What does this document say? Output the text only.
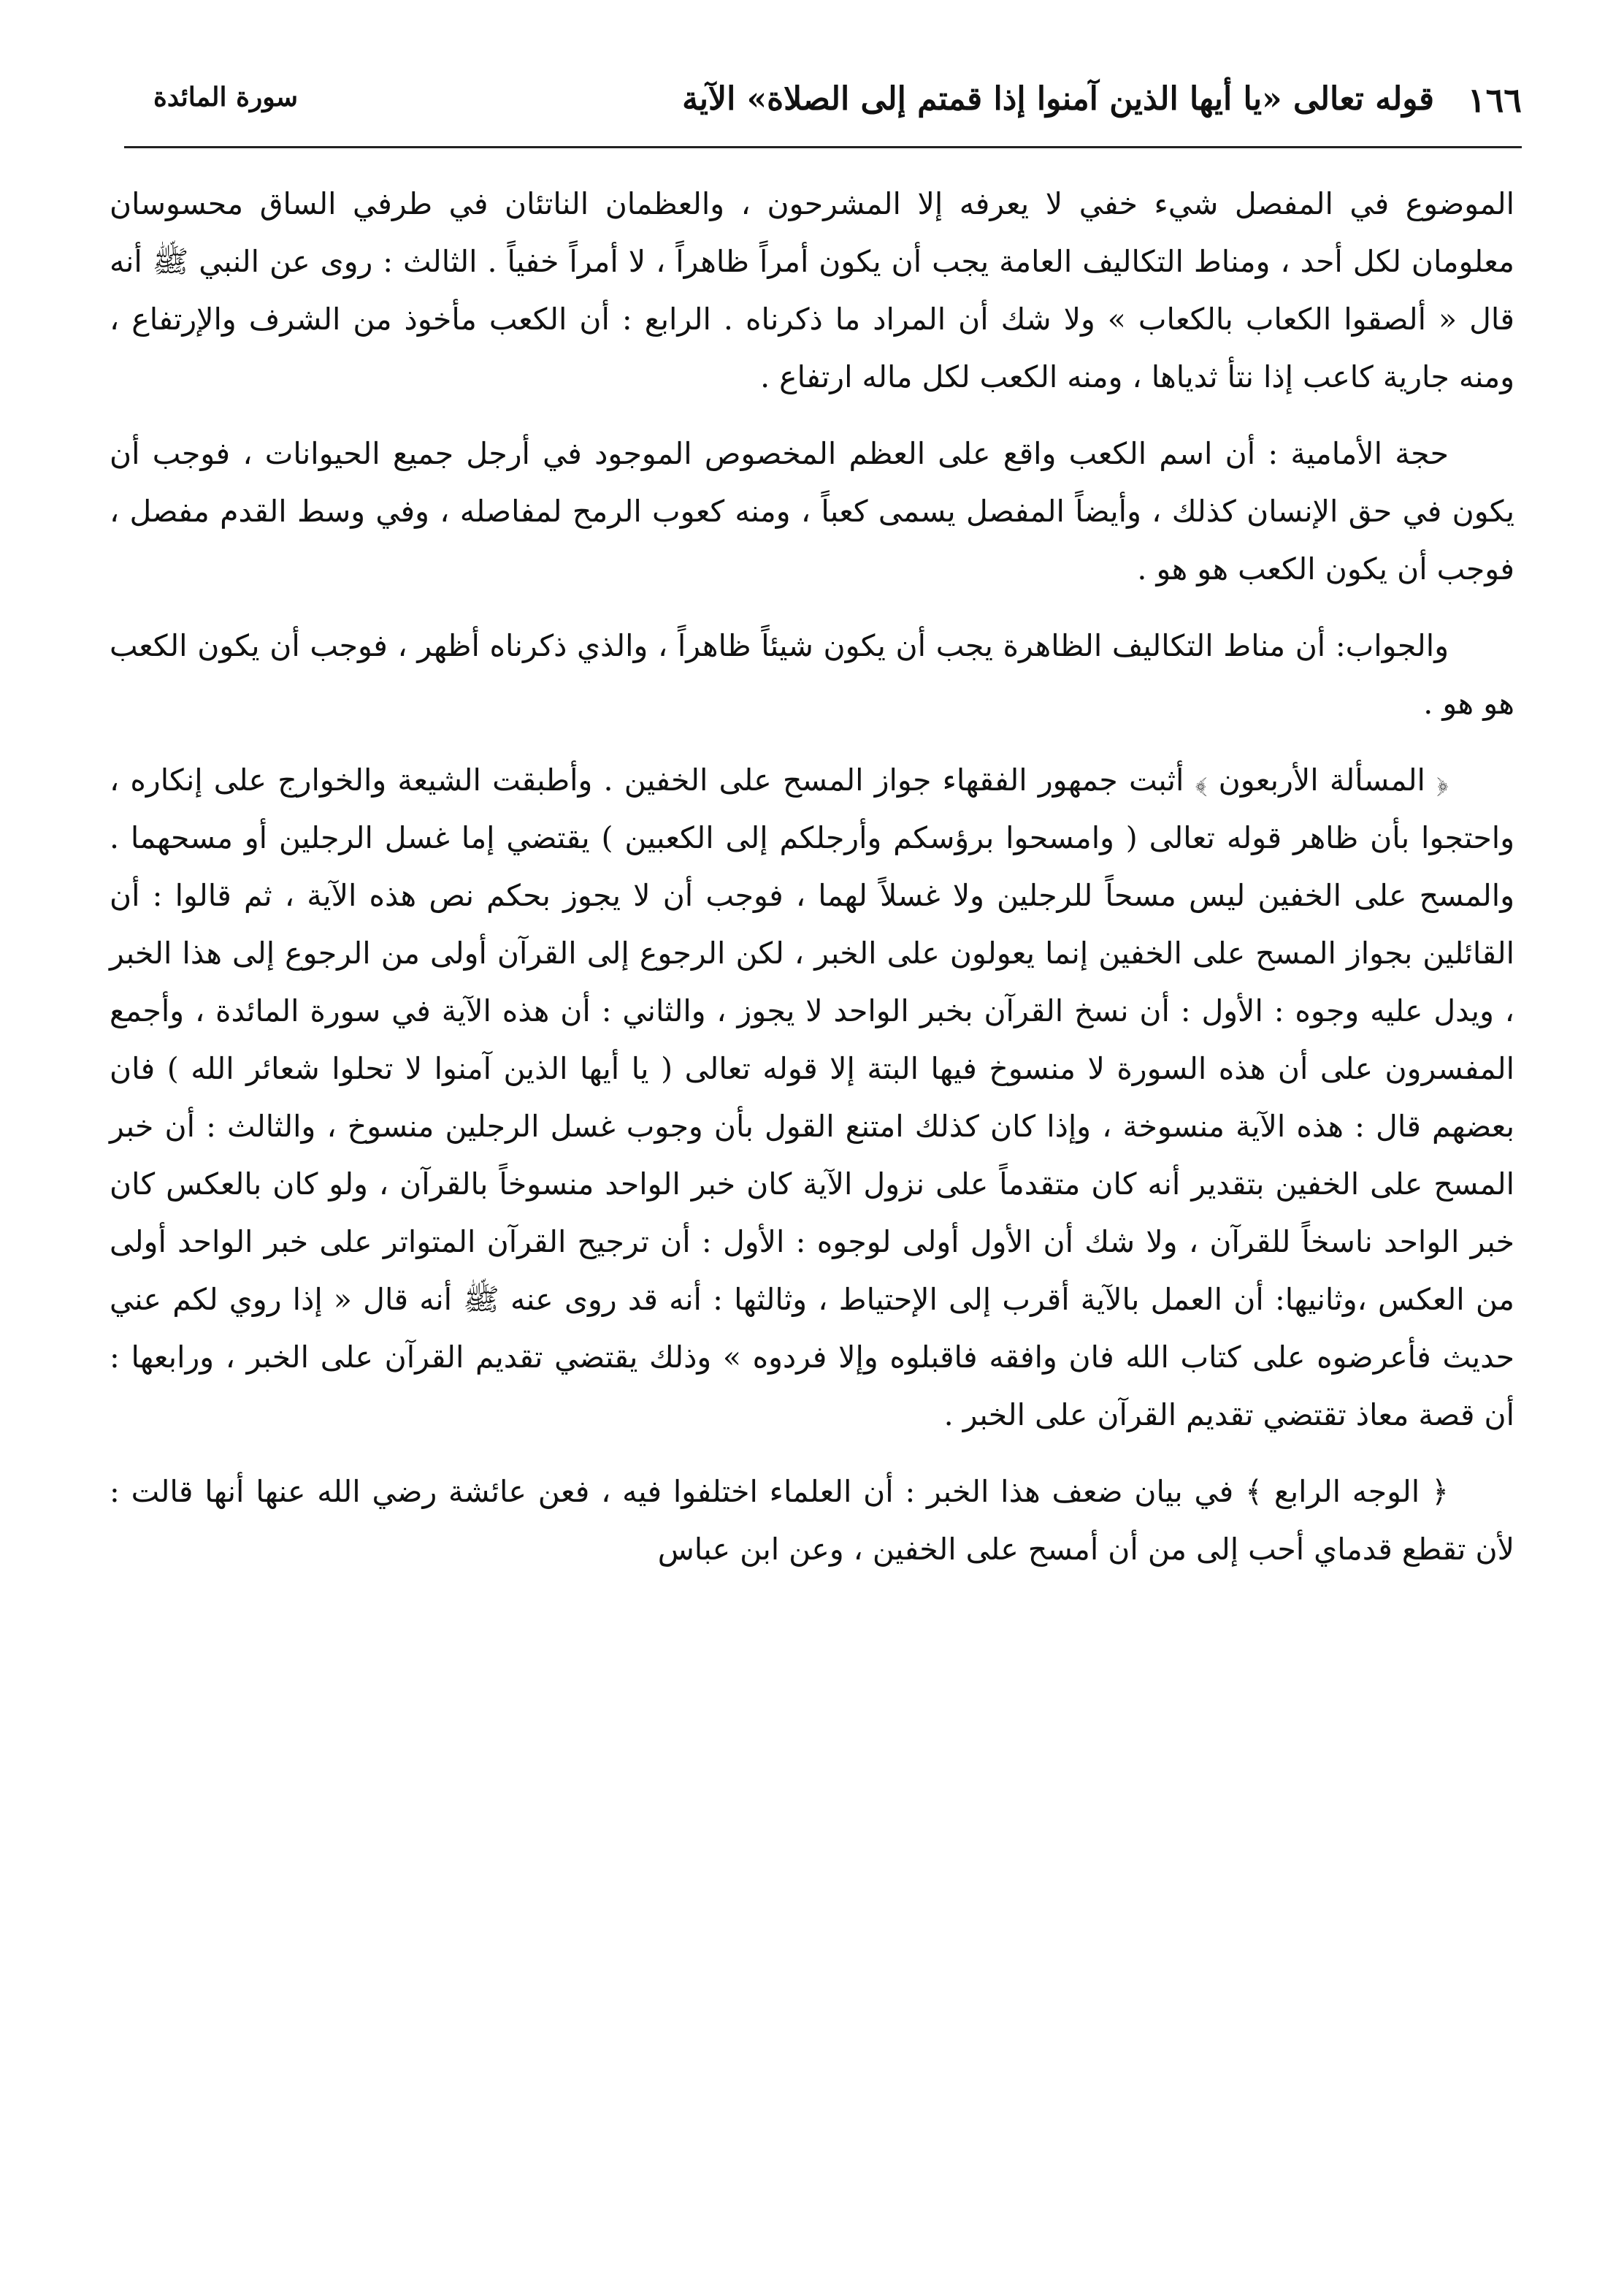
١٦٦
قوله تعالى «يا أيها الذين آمنوا إذا قمتم إلى الصلاة» الآية
سورة المائدة

الموضوع في المفصل شيء خفي لا يعرفه إلا المشرحون ، والعظمان الناتئان في طرفي الساق محسوسان معلومان لكل أحد ، ومناط التكاليف العامة يجب أن يكون أمراً ظاهراً ، لا أمراً خفياً . الثالث : روى عن النبي ﷺ أنه قال « ألصقوا الكعاب بالكعاب » ولا شك أن المراد ما ذكرناه . الرابع : أن الكعب مأخوذ من الشرف والإرتفاع ، ومنه جارية كاعب إذا نتأ ثدياها ، ومنه الكعب لكل ماله ارتفاع .

حجة الأمامية : أن اسم الكعب واقع على العظم المخصوص الموجود في أرجل جميع الحيوانات ، فوجب أن يكون في حق الإنسان كذلك ، وأيضاً المفصل يسمى كعباً ، ومنه كعوب الرمح لمفاصله ، وفي وسط القدم مفصل ، فوجب أن يكون الكعب هو هو .

والجواب: أن مناط التكاليف الظاهرة يجب أن يكون شيئاً ظاهراً ، والذي ذكرناه أظهر ، فوجب أن يكون الكعب هو هو .

﴿ المسألة الأربعون ﴾ أثبت جمهور الفقهاء جواز المسح على الخفين . وأطبقت الشيعة والخوارج على إنكاره ، واحتجوا بأن ظاهر قوله تعالى ( وامسحوا برؤسكم وأرجلكم إلى الكعبين ) يقتضي إما غسل الرجلين أو مسحهما . والمسح على الخفين ليس مسحاً للرجلين ولا غسلاً لهما ، فوجب أن لا يجوز بحكم نص هذه الآية ، ثم قالوا : أن القائلين بجواز المسح على الخفين إنما يعولون على الخبر ، لكن الرجوع إلى القرآن أولى من الرجوع إلى هذا الخبر ، ويدل عليه وجوه : الأول : أن نسخ القرآن بخبر الواحد لا يجوز ، والثاني : أن هذه الآية في سورة المائدة ، وأجمع المفسرون على أن هذه السورة لا منسوخ فيها البتة إلا قوله تعالى ( يا أيها الذين آمنوا لا تحلوا شعائر الله ) فان بعضهم قال : هذه الآية منسوخة ، وإذا كان كذلك امتنع القول بأن وجوب غسل الرجلين منسوخ ، والثالث : أن خبر المسح على الخفين بتقدير أنه كان متقدماً على نزول الآية كان خبر الواحد منسوخاً بالقرآن ، ولو كان بالعكس كان خبر الواحد ناسخاً للقرآن ، ولا شك أن الأول أولى لوجوه : الأول : أن ترجيح القرآن المتواتر على خبر الواحد أولى من العكس ،وثانيها: أن العمل بالآية أقرب إلى الإحتياط ، وثالثها : أنه قد روى عنه ﷺ أنه قال « إذا روي لكم عني حديث فأعرضوه على كتاب الله فان وافقه فاقبلوه وإلا فردوه » وذلك يقتضي تقديم القرآن على الخبر ، ورابعها : أن قصة معاذ تقتضي تقديم القرآن على الخبر .

﴿ الوجه الرابع ﴾ في بيان ضعف هذا الخبر : أن العلماء اختلفوا فيه ، فعن عائشة رضي الله عنها أنها قالت : لأن تقطع قدماي أحب إلى من أن أمسح على الخفين ، وعن ابن عباس
